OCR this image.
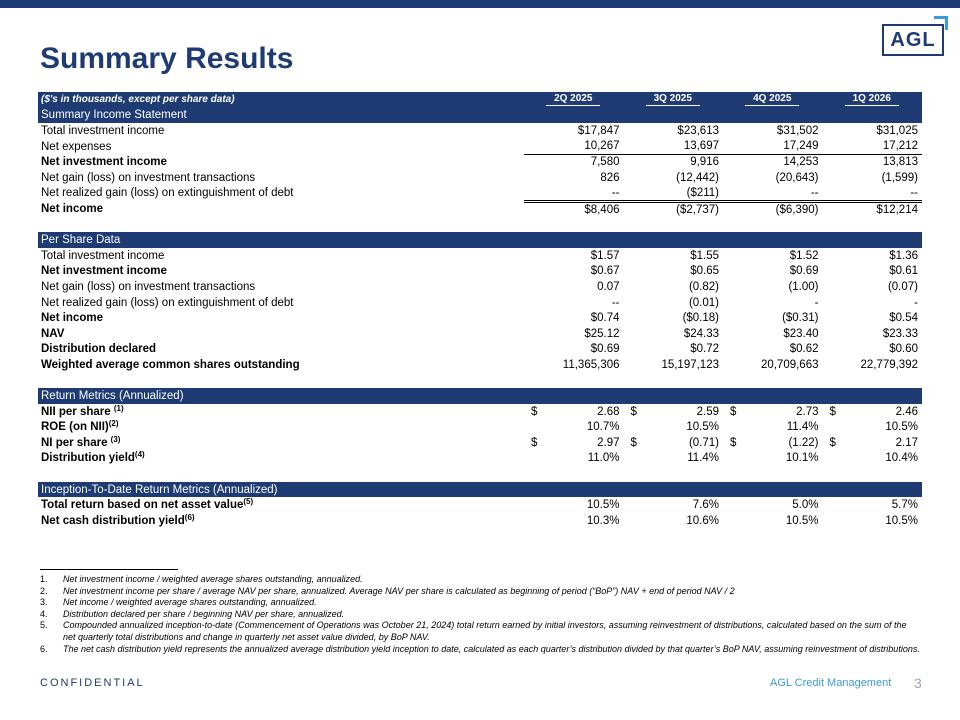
Summary Results
AGL
($'s in thousands, except per share data)	2Q 2025	3Q 2025	4Q 2025	1Q 2026
Summary Income Statement				
Total investment income	$17,847	$23,613	$31,502	$31,025
Net expenses	10,267	13,697	17,249	17,212
Net investment income	7,580	9,916	14,253	13,813
Net gain (loss) on investment transactions	826	(12,442)	(20,643)	(1,599)
Net realized gain (loss) on extinguishment of debt	--	($211)	--	--
Net income	$8,406	($2,737)	($6,390)	$12,214

Per Share Data				
Total investment income	$1.57	$1.55	$1.52	$1.36
Net investment income	$0.67	$0.65	$0.69	$0.61
Net gain (loss) on investment transactions	0.07	(0.82)	(1.00)	(0.07)
Net realized gain (loss) on extinguishment of debt	--	(0.01)	-	-
Net income	$0.74	($0.18)	($0.31)	$0.54
NAV	$25.12	$24.33	$23.40	$23.33
Distribution declared	$0.69	$0.72	$0.62	$0.60
Weighted average common shares outstanding	11,365,306	15,197,123	20,709,663	22,779,392

Return Metrics (Annualized)				
NII per share $^{(1)}$	$ 2.68	$ 2.59	$ 2.73	$ 2.46
ROE (on NII)$^{(2)}$	10.7%	10.5%	11.4%	10.5%
NI per share $^{(3)}$	$ 2.97	$ (0.71)	$ (1.22)	$ 2.17
Distribution yield$^{(4)}$	11.0%	11.4%	10.1%	10.4%

Inception-To-Date Return Metrics (Annualized)				
Total return based on net asset value$^{(5)}$	10.5%	7.6%	5.0%	5.7%
Net cash distribution yield$^{(6)}$	10.3%	10.6%	10.5%	10.5%
1.	Net investment income / weighted average shares outstanding, annualized.
2.	Net investment income per share / average NAV per share, annualized. Average NAV per share is calculated as beginning of period (“BoP”) NAV + end of period NAV / 2
3.	Net income / weighted average shares outstanding, annualized.
4.	Distribution declared per share / beginning NAV per share, annualized.
5.	Compounded annualized inception-to-date (Commencement of Operations was October 21, 2024) total return earned by initial investors, assuming reinvestment of distributions, calculated based on the sum of the net quarterly total distributions and change in quarterly net asset value divided, by BoP NAV.
6.	The net cash distribution yield represents the annualized average distribution yield inception to date, calculated as each quarter’s distribution divided by that quarter’s BoP NAV, assuming reinvestment of distributions.
CONFIDENTIAL	AGL Credit Management 3
